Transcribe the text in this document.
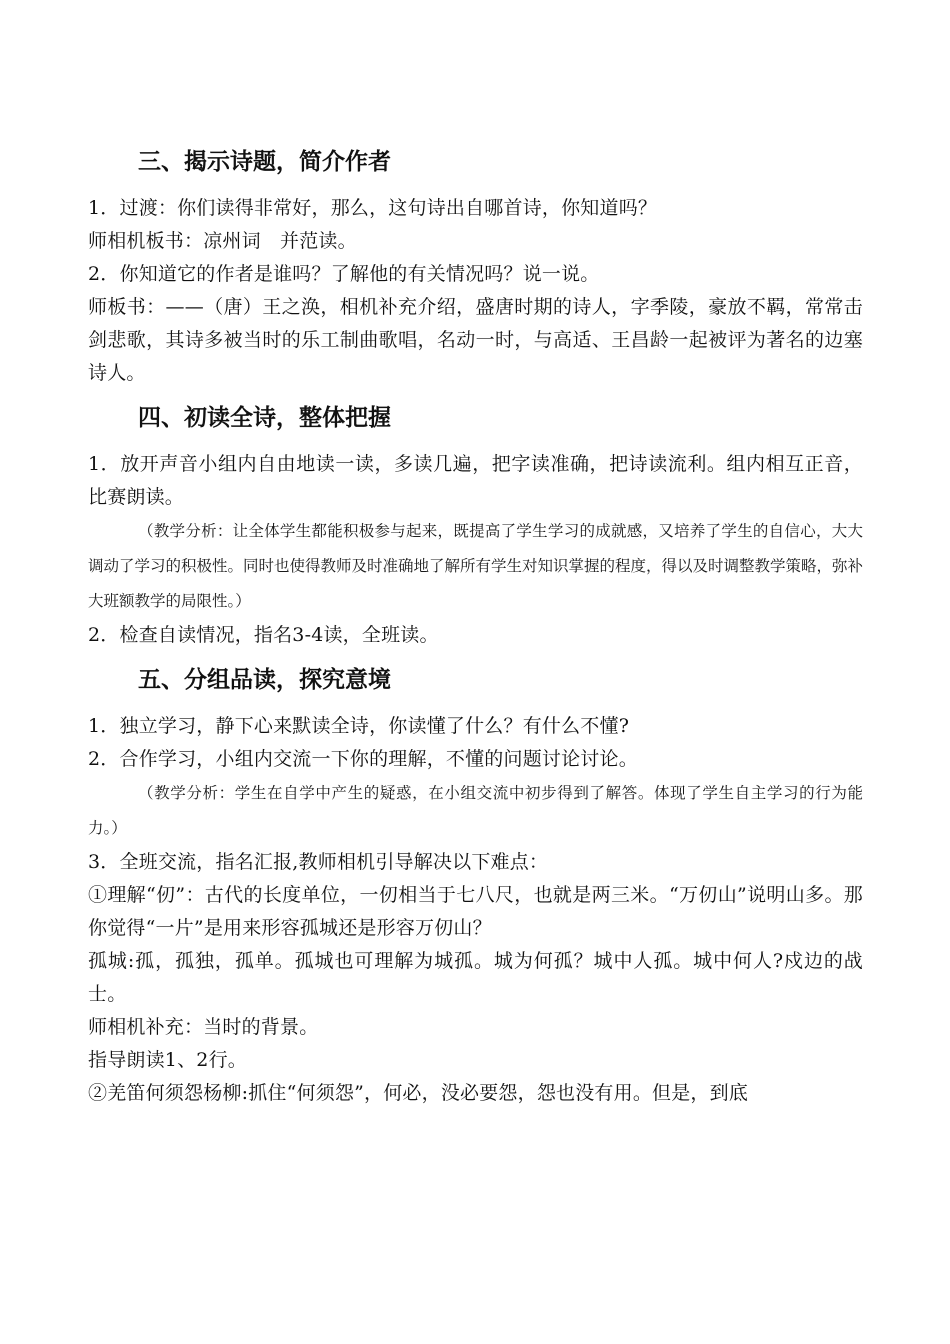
三、揭示诗题，简介作者

1．过渡：你们读得非常好，那么，这句诗出自哪首诗，你知道吗？

师相机板书：凉州词　并范读。

2．你知道它的作者是谁吗？了解他的有关情况吗？说一说。

师板书：——（唐）王之涣，相机补充介绍，盛唐时期的诗人，字季陵，豪放不羁，常常击剑悲歌，其诗多被当时的乐工制曲歌唱，名动一时，与高适、王昌龄一起被评为著名的边塞诗人。

四、初读全诗，整体把握

1．放开声音小组内自由地读一读，多读几遍，把字读准确，把诗读流利。组内相互正音，比赛朗读。

（教学分析：让全体学生都能积极参与起来，既提高了学生学习的成就感，又培养了学生的自信心，大大调动了学习的积极性。同时也使得教师及时准确地了解所有学生对知识掌握的程度，得以及时调整教学策略，弥补大班额教学的局限性。）

2．检查自读情况，指名3-4读，全班读。

五、分组品读，探究意境

1．独立学习，静下心来默读全诗，你读懂了什么？有什么不懂?

2．合作学习，小组内交流一下你的理解，不懂的问题讨论讨论。

（教学分析：学生在自学中产生的疑惑，在小组交流中初步得到了解答。体现了学生自主学习的行为能力。）

3．全班交流，指名汇报,教师相机引导解决以下难点：

①理解“仞”：古代的长度单位，一仞相当于七八尺，也就是两三米。“万仞山”说明山多。那你觉得“一片”是用来形容孤城还是形容万仞山？

孤城:孤，孤独，孤单。孤城也可理解为城孤。城为何孤？城中人孤。城中何人?戍边的战士。

师相机补充：当时的背景。

指导朗读1、2行。

②羌笛何须怨杨柳:抓住“何须怨”，何必，没必要怨，怨也没有用。但是，到底
